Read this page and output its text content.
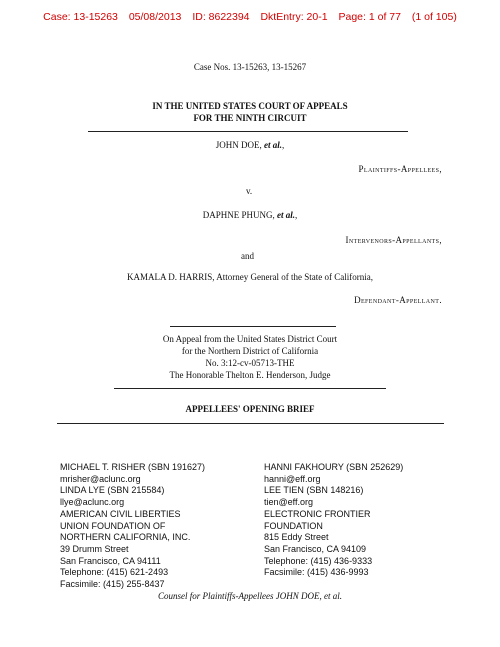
Case: 13-15263 05/08/2013 ID: 8622394 DktEntry: 20-1 Page: 1 of 77 (1 of 105)
Case Nos. 13-15263, 13-15267
IN THE UNITED STATES COURT OF APPEALS
FOR THE NINTH CIRCUIT
JOHN DOE, et al.,
Plaintiffs-Appellees,
v.
DAPHNE PHUNG, et al.,
Intervenors-Appellants,
and
KAMALA D. HARRIS, Attorney General of the State of California,
Defendant-Appellant.
On Appeal from the United States District Court
for the Northern District of California
No. 3:12-cv-05713-THE
The Honorable Thelton E. Henderson, Judge
APPELLEES' OPENING BRIEF
MICHAEL T. RISHER (SBN 191627)
mrisher@aclunc.org
LINDA LYE (SBN 215584)
llye@aclunc.org
AMERICAN CIVIL LIBERTIES
UNION FOUNDATION OF
NORTHERN CALIFORNIA, INC.
39 Drumm Street
San Francisco, CA 94111
Telephone: (415) 621-2493
Facsimile: (415) 255-8437
HANNI FAKHOURY (SBN 252629)
hanni@eff.org
LEE TIEN (SBN 148216)
tien@eff.org
ELECTRONIC FRONTIER
FOUNDATION
815 Eddy Street
San Francisco, CA 94109
Telephone: (415) 436-9333
Facsimile: (415) 436-9993
Counsel for Plaintiffs-Appellees JOHN DOE, et al.
